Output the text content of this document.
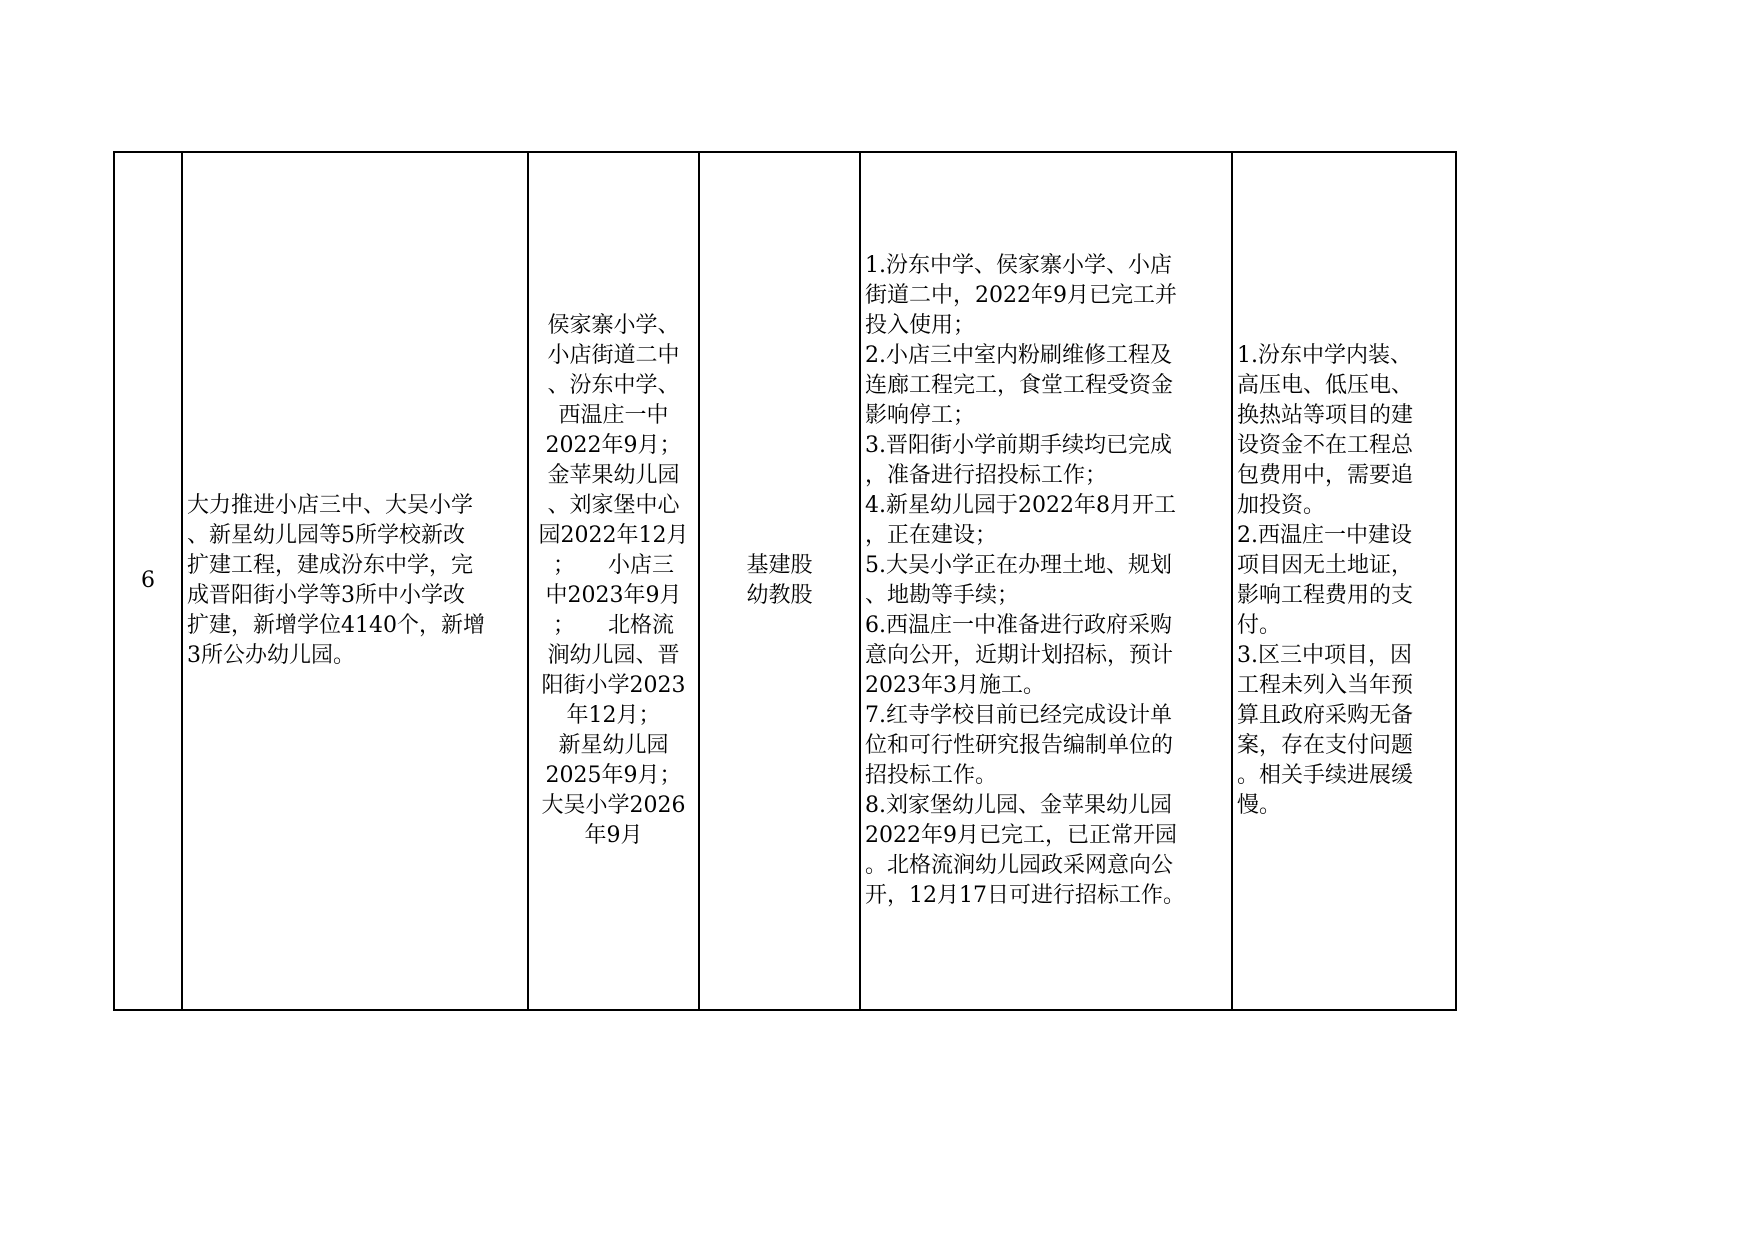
6	
大力推进小店三中、大吴小学
、新星幼儿园等5所学校新改
扩建工程，建成汾东中学，完
成晋阳街小学等3所中小学改
扩建，新增学位4140个，新增
3所公办幼儿园。

侯家寨小学、
小店街道二中
、汾东中学、
西温庄一中
2022年9月；
金苹果幼儿园
、刘家堡中心
园2022年12月
；　　小店三
中2023年9月
；　　北格流
涧幼儿园、晋
阳街小学2023
年12月；
新星幼儿园
2025年9月；
大吴小学2026
年9月

基建股
幼教股

1.汾东中学、侯家寨小学、小店
街道二中，2022年9月已完工并
投入使用；
2.小店三中室内粉刷维修工程及
连廊工程完工，食堂工程受资金
影响停工；
3.晋阳街小学前期手续均已完成
，准备进行招投标工作；
4.新星幼儿园于2022年8月开工
，正在建设；
5.大吴小学正在办理土地、规划
、地勘等手续；
6.西温庄一中准备进行政府采购
意向公开，近期计划招标，预计
2023年3月施工。
7.红寺学校目前已经完成设计单
位和可行性研究报告编制单位的
招投标工作。
8.刘家堡幼儿园、金苹果幼儿园
2022年9月已完工，已正常开园
。北格流涧幼儿园政采网意向公
开，12月17日可进行招标工作。

1.汾东中学内装、
高压电、低压电、
换热站等项目的建
设资金不在工程总
包费用中，需要追
加投资。
2.西温庄一中建设
项目因无土地证，
影响工程费用的支
付。
3.区三中项目，因
工程未列入当年预
算且政府采购无备
案，存在支付问题
。相关手续进展缓
慢。
